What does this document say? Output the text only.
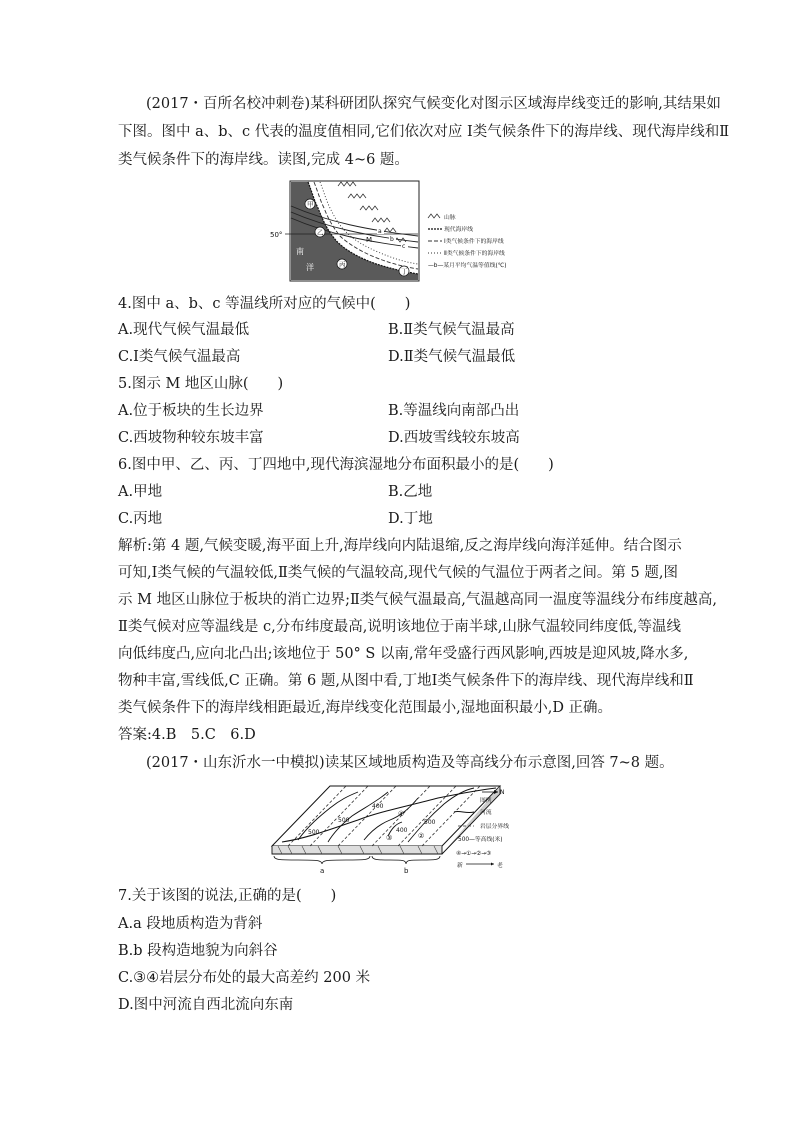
(2017・百所名校冲刺卷)某科研团队探究气候变化对图示区域海岸线变迁的影响,其结果如
下图。图中 a、b、c 代表的温度值相同,它们依次对应 Ⅰ类气候条件下的海岸线、现代海岸线和Ⅱ
类气候条件下的海岸线。读图,完成 4~6 题。
50°
甲
乙
丙
丁
M
a
b
c
南
洋
山脉
现代海岸线
Ⅰ类气候条件下的海岸线
Ⅱ类气候条件下的海岸线
—b—某月平均气温等值线(℃)
4.图中 a、b、c 等温线所对应的气候中(　　)
A.现代气候气温最低	B.Ⅱ类气候气温最高
C.Ⅰ类气候气温最高	D.Ⅱ类气候气温最低
5.图示 M 地区山脉(　　)
A.位于板块的生长边界	B.等温线向南部凸出
C.西坡物种较东坡丰富	D.西坡雪线较东坡高
6.图中甲、乙、丙、丁四地中,现代海滨湿地分布面积最小的是(　　)
A.甲地	B.乙地
C.丙地	D.丁地
解析:第 4 题,气候变暖,海平面上升,海岸线向内陆退缩,反之海岸线向海洋延伸。结合图示
可知,Ⅰ类气候的气温较低,Ⅱ类气候的气温较高,现代气候的气温位于两者之间。第 5 题,图
示 M 地区山脉位于板块的消亡边界;Ⅱ类气候气温最高,气温越高同一温度等温线分布纬度越高,
Ⅱ类气候对应等温线是 c,分布纬度最高,说明该地位于南半球,山脉气温较同纬度低,等温线
向低纬度凸,应向北凸出;该地位于 50° S 以南,常年受盛行西风影响,西坡是迎风坡,降水多,
物种丰富,雪线低,C 正确。第 6 题,从图中看,丁地Ⅰ类气候条件下的海岸线、现代海岸线和Ⅱ
类气候条件下的海岸线相距最近,海岸线变化范围最小,湿地面积最小,D 正确。
答案:4.B　5.C　6.D
(2017・山东沂水一中模拟)读某区域地质构造及等高线分布示意图,回答 7~8 题。
500
400
400
500
500
④
③	②
N
a	b
图例
河流
岩层分界线
500—等高线(米)
④→①→②→③
新	老
7.关于该图的说法,正确的是(　　)
A.a 段地质构造为背斜
B.b 段构造地貌为向斜谷
C.③④岩层分布处的最大高差约 200 米
D.图中河流自西北流向东南
